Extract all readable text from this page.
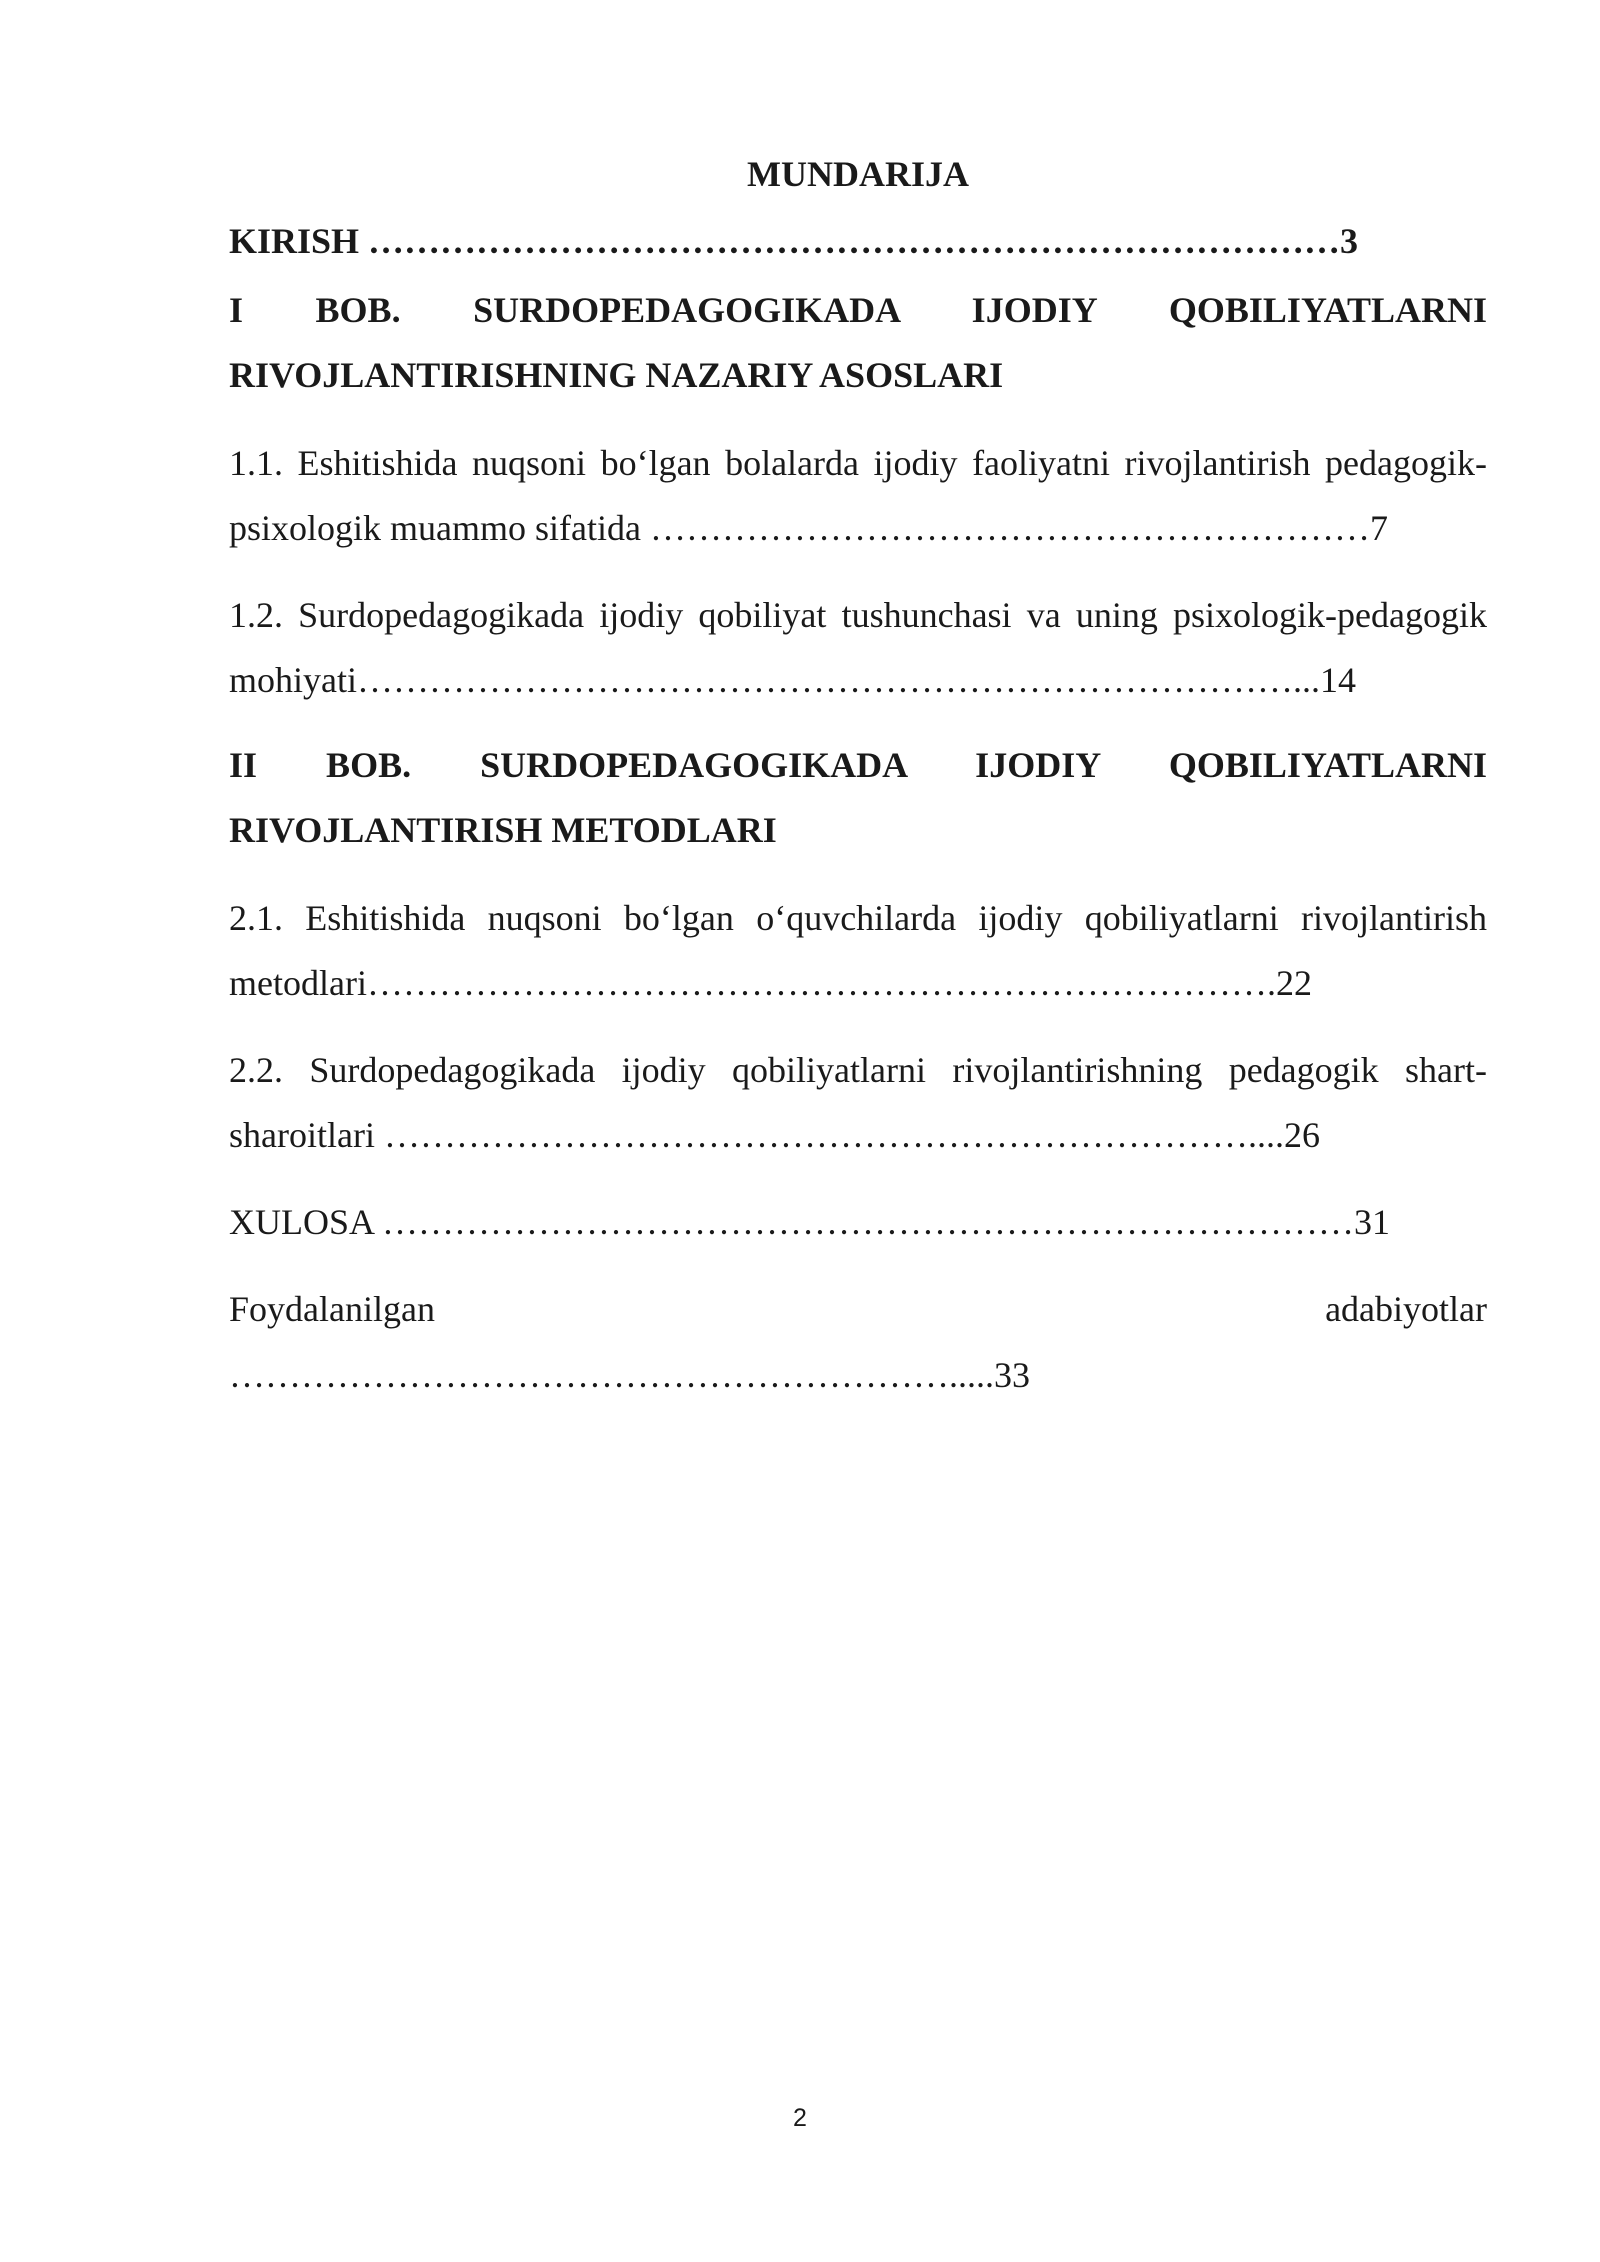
MUNDARIJA
KIRISH ………………………………………………………………………3
I BOB. SURDOPEDAGOGIKADA IJODIY QOBILIYATLARNI
RIVOJLANTIRISHNING NAZARIY ASOSLARI
1.1. Eshitishida nuqsoni bo‘lgan bolalarda ijodiy faoliyatni rivojlantirish pedagogik-
psixologik muammo sifatida ……………………………………………………7
1.2. Surdopedagogikada ijodiy qobiliyat tushunchasi va uning psixologik-pedagogik
mohiyati……………………………………………………………………...14
II BOB. SURDOPEDAGOGIKADA IJODIY QOBILIYATLARNI
RIVOJLANTIRISH METODLARI
2.1. Eshitishida nuqsoni bo‘lgan o‘quvchilarda ijodiy qobiliyatlarni rivojlantirish
metodlari………………………………………………………………….22
2.2. Surdopedagogikada ijodiy qobiliyatlarni rivojlantirishning pedagogik shart-
sharoitlari ………………………………………………………………....26
XULOSA ………………………………………………………………………31
Foydalanilgan	adabiyotlar
…………………………………………………….....33
2
